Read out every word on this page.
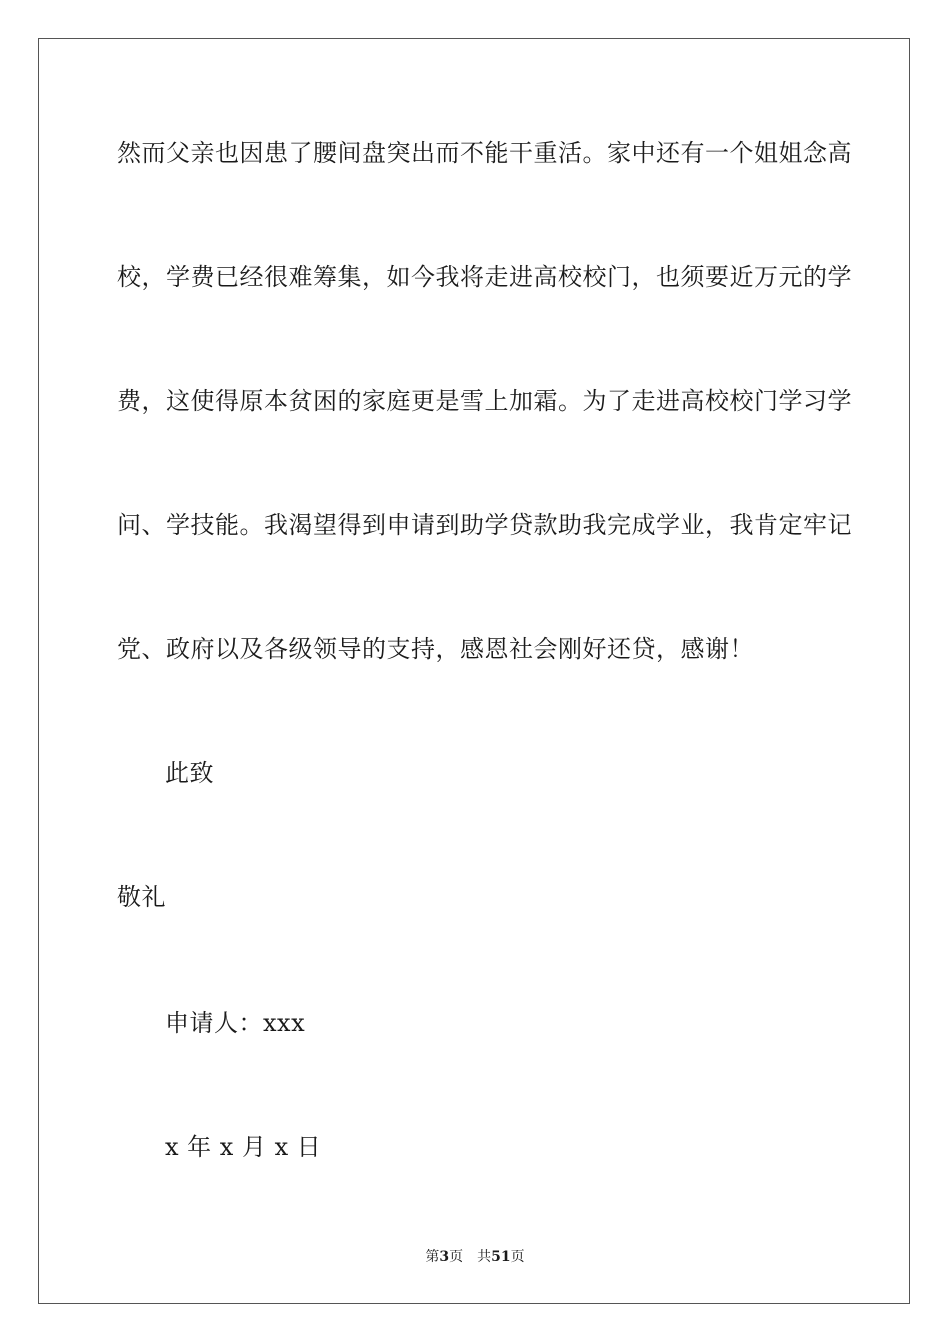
然而父亲也因患了腰间盘突出而不能干重活。家中还有一个姐姐念高
校，学费已经很难筹集，如今我将走进高校校门，也须要近万元的学
费，这使得原本贫困的家庭更是雪上加霜。为了走进高校校门学习学
问、学技能。我渴望得到申请到助学贷款助我完成学业，我肯定牢记
党、政府以及各级领导的支持，感恩社会刚好还贷，感谢！
此致
敬礼
申请人：xxx
x 年 x 月 x 日
第3页 共51页
